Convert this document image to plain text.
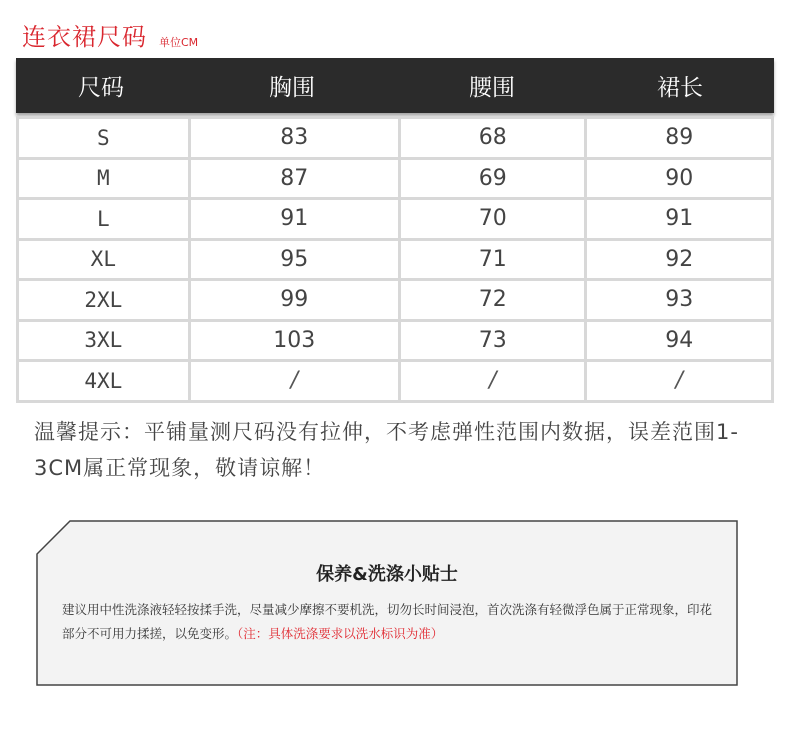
连衣裙尺码 单位CM
尺码	胸围	腰围	裙长
S	83	68	89
M	87	69	90
L	91	70	91
XL	95	71	92
2XL	99	72	93
3XL	103	73	94
4XL	/	/	/
温馨提示：平铺量测尺码没有拉伸，不考虑弹性范围内数据，误差范围1-3CM属正常现象，敬请谅解！
保养&洗涤小贴士
建议用中性洗涤液轻轻按揉手洗，尽量减少摩擦不要机洗，切勿长时间浸泡，首次洗涤有轻微浮色属于正常现象，印花部分不可用力揉搓，以免变形。（注：具体洗涤要求以洗水标识为准）
